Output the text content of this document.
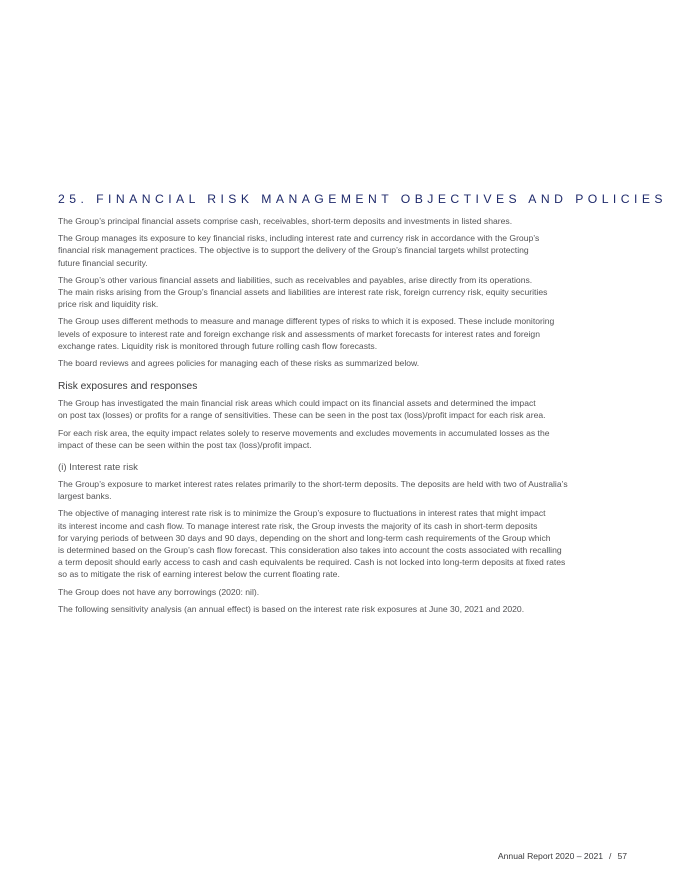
25. FINANCIAL RISK MANAGEMENT OBJECTIVES AND POLICIES
The Group’s principal financial assets comprise cash, receivables, short-term deposits and investments in listed shares.
The Group manages its exposure to key financial risks, including interest rate and currency risk in accordance with the Group’s
financial risk management practices. The objective is to support the delivery of the Group’s financial targets whilst protecting
future financial security.
The Group’s other various financial assets and liabilities, such as receivables and payables, arise directly from its operations.
The main risks arising from the Group’s financial assets and liabilities are interest rate risk, foreign currency risk, equity securities
price risk and liquidity risk.
The Group uses different methods to measure and manage different types of risks to which it is exposed. These include monitoring
levels of exposure to interest rate and foreign exchange risk and assessments of market forecasts for interest rates and foreign
exchange rates. Liquidity risk is monitored through future rolling cash flow forecasts.
The board reviews and agrees policies for managing each of these risks as summarized below.
Risk exposures and responses
The Group has investigated the main financial risk areas which could impact on its financial assets and determined the impact
on post tax (losses) or profits for a range of sensitivities. These can be seen in the post tax (loss)/profit impact for each risk area.
For each risk area, the equity impact relates solely to reserve movements and excludes movements in accumulated losses as the
impact of these can be seen within the post tax (loss)/profit impact.
(i) Interest rate risk
The Group’s exposure to market interest rates relates primarily to the short-term deposits. The deposits are held with two of Australia’s
largest banks.
The objective of managing interest rate risk is to minimize the Group’s exposure to fluctuations in interest rates that might impact
its interest income and cash flow. To manage interest rate risk, the Group invests the majority of its cash in short-term deposits
for varying periods of between 30 days and 90 days, depending on the short and long-term cash requirements of the Group which
is determined based on the Group’s cash flow forecast. This consideration also takes into account the costs associated with recalling
a term deposit should early access to cash and cash equivalents be required. Cash is not locked into long-term deposits at fixed rates
so as to mitigate the risk of earning interest below the current floating rate.
The Group does not have any borrowings (2020: nil).
The following sensitivity analysis (an annual effect) is based on the interest rate risk exposures at June 30, 2021 and 2020.
Annual Report 2020 – 2021 / 57
